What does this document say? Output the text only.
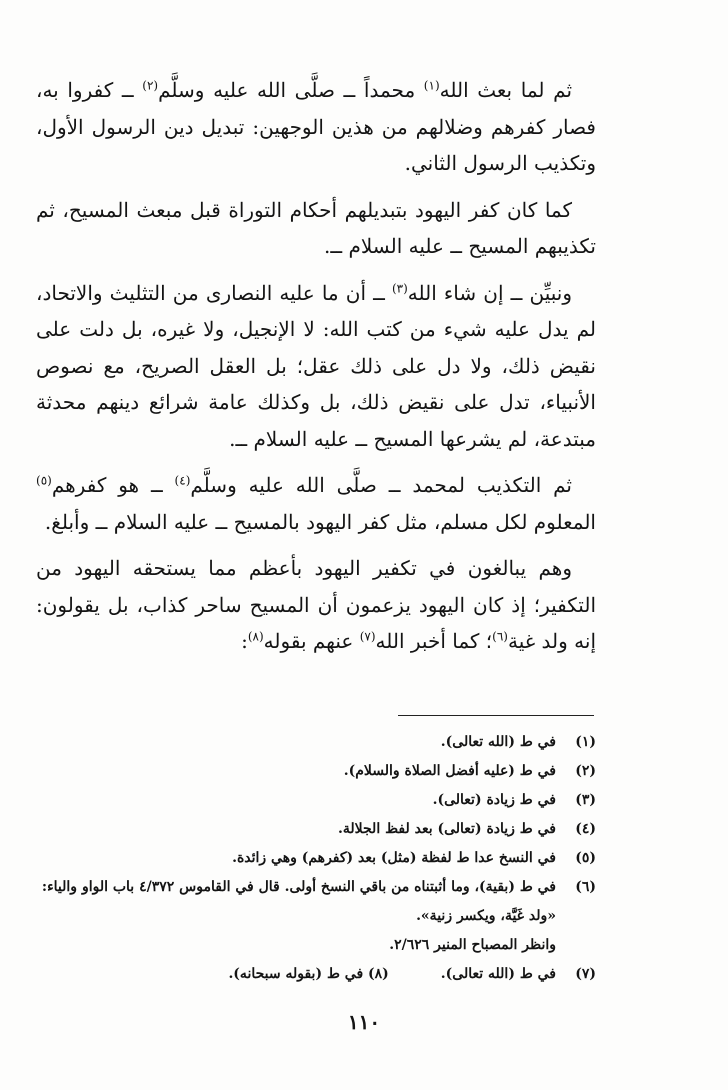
ثم لما بعث الله$^{(١)}$ محمداً ــ صلَّى الله عليه وسلَّم$^{(٢)}$ ــ كفروا به، فصار كفرهم وضلالهم من هذين الوجهين: تبديل دين الرسول الأول، وتكذيب الرسول الثاني.

كما كان كفر اليهود بتبديلهم أحكام التوراة قبل مبعث المسيح، ثم تكذيبهم المسيح ــ عليه السلام ــ.

ونبيِّن ــ إن شاء الله$^{(٣)}$ ــ أن ما عليه النصارى من التثليث والاتحاد، لم يدل عليه شيء من كتب الله: لا الإنجيل، ولا غيره، بل دلت على نقيض ذلك، ولا دل على ذلك عقل؛ بل العقل الصريح، مع نصوص الأنبياء، تدل على نقيض ذلك، بل وكذلك عامة شرائع دينهم محدثة مبتدعة، لم يشرعها المسيح ــ عليه السلام ــ.

ثم التكذيب لمحمد ــ صلَّى الله عليه وسلَّم$^{(٤)}$ ــ هو كفرهم$^{(٥)}$ المعلوم لكل مسلم، مثل كفر اليهود بالمسيح ــ عليه السلام ــ وأبلغ.

وهم يبالغون في تكفير اليهود بأعظم مما يستحقه اليهود من التكفير؛ إذ كان اليهود يزعمون أن المسيح ساحر كذاب، بل يقولون: إنه ولد غية$^{(٦)}$؛ كما أخبر الله$^{(٧)}$ عنهم بقوله$^{(٨)}$:

(١)
في ط (الله تعالى).
(٢)
في ط (عليه أفضل الصلاة والسلام).
(٣)
في ط زيادة (تعالى).
(٤)
في ط زيادة (تعالى) بعد لفظ الجلالة.
(٥)
في النسخ عدا ط لفظة (مثل) بعد (كفرهم) وهي زائدة.
(٦)
في ط (بقية)، وما أثبتناه من باقي النسخ أولى. قال في القاموس ٤/٣٧٢ باب الواو والياء: «ولد غَيَّة، ويكسر زنية».
وانظر المصباح المنير ٢/٦٢٦.
(٧)
في ط (الله تعالى).(٨) في ط (بقوله سبحانه).
١١٠
